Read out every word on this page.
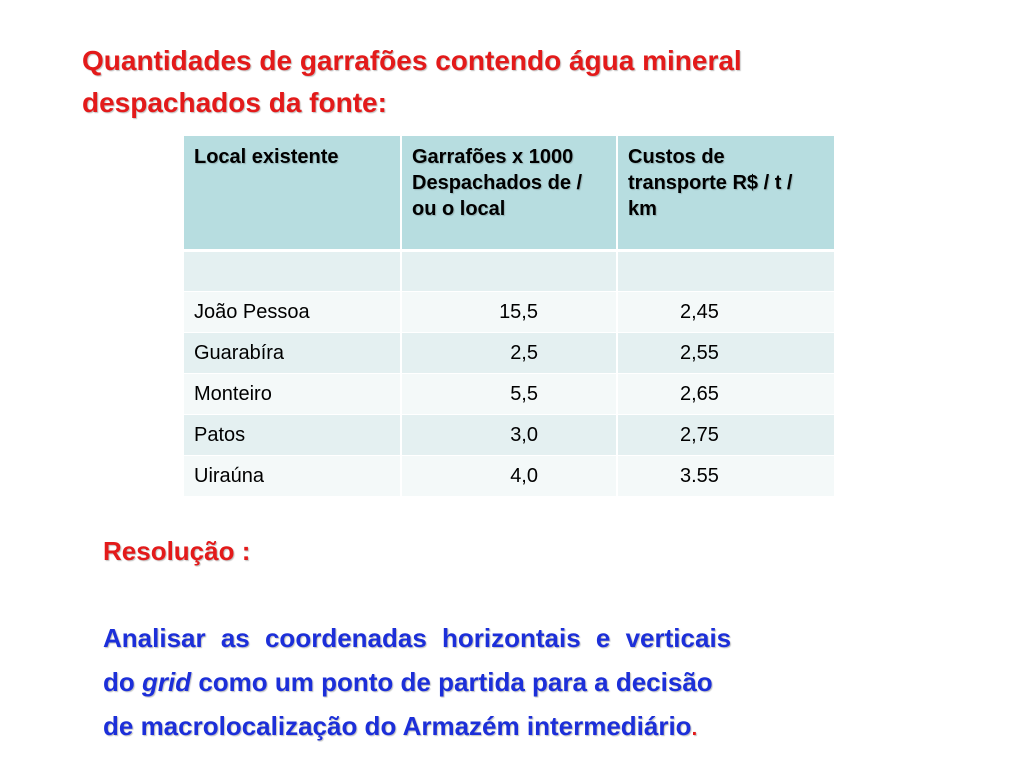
Quantidades de garrafões contendo água mineral
despachados da fonte:
Local existente	Garrafões x 1000 Despachados de / ou o local	Custos de transporte R$ / t / km

João Pessoa	15,5	2,45
Guarabíra	2,5	2,55
Monteiro	5,5	2,65
Patos	3,0	2,75
Uiraúna	4,0	3.55
Resolução :

Analisar as coordenadas horizontais e verticais
do grid como um ponto de partida para a decisão
de macrolocalização do Armazém intermediário.
